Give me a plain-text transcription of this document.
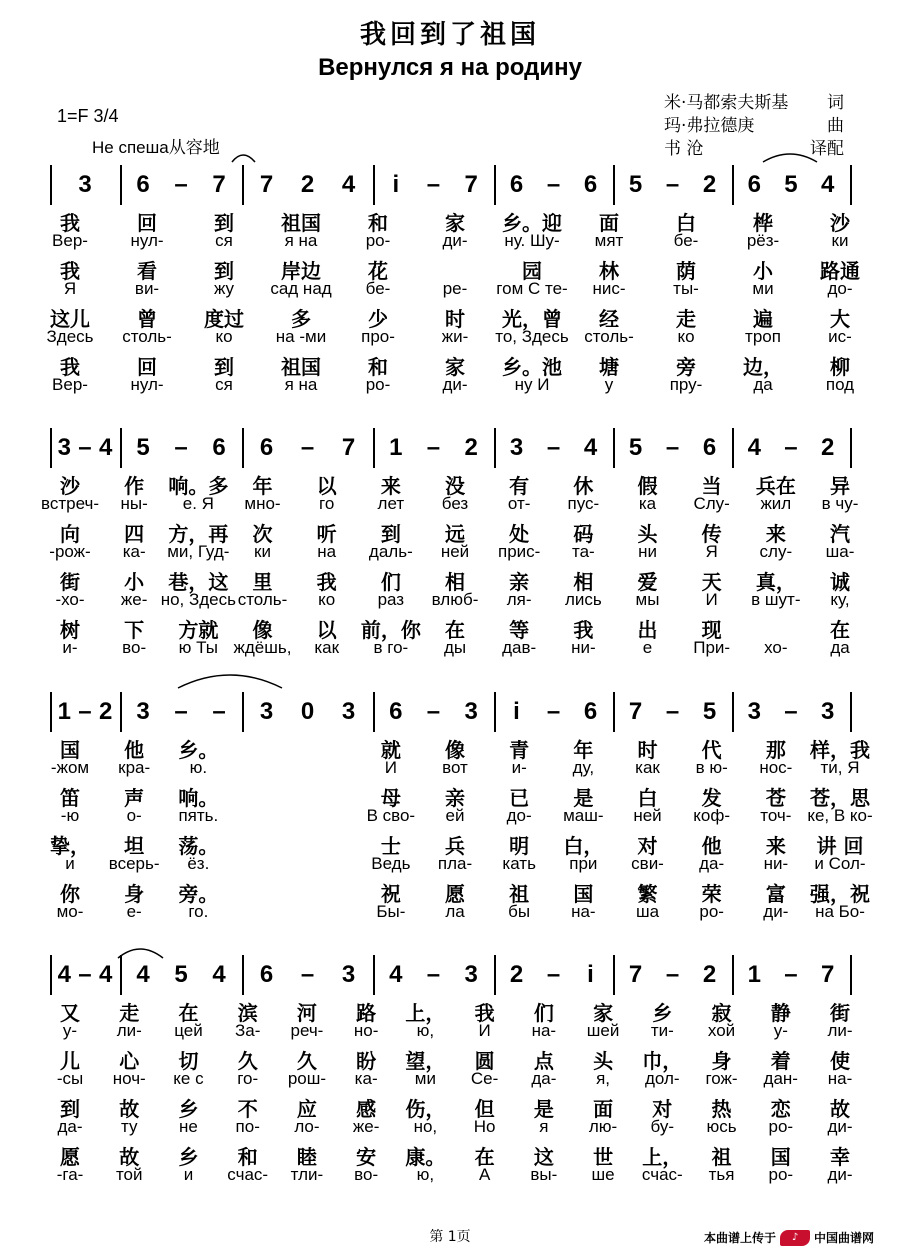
我回到了祖国
Вернулся я на родину
米·马都索夫斯基 词
玛·弗拉德庚	曲
书 沧	译配
1=F 3/4
Не спеша从容地
3 6 – 7 7 2 4 i – 7 6 – 6 5 – 2 6 5 4
我	回	到 祖国 和	家 乡。迎 面	白	桦	沙
Вер- нул-	ся	я на	ро-	ди- ну. Шу- мят	бе-	рёз-	ки
我	看	到 岸边 花	园	林	荫	小 路通
Я	ви-	жу сад над бе-	ре- гом С те- нис-	ты-	ми	до-
这儿 曾 度过 多	少	时 光，曾 经	走	遍	大
Здесь столь-	ко	на -ми про-	жи- то, Здесь столь-	ко	троп	ис-
我	回	到 祖国 和	家 乡。池 塘	旁 边， 柳
Вер- нул-	ся	я на	ро-	ди-	ну И	у	пру-	да	под
3 – 4 5 – 6 6 – 7 1 – 2 3 – 4 5 – 6 4 – 2
沙 作 响。多 年 以 来 没 有 休 假 当 兵在 异
встреч- ны- е. Я мно- го	лет без от- пус- ка Слу- жил в чу-
向 四 方，再 次 听 到 远 处 码 头 传 来 汽
-рож- ка- ми, Гуд- ки	на даль- ней прис- та-	ни	Я слу- ша-
街 小 巷，这 里 我 们 相 亲 相 爱 天 真， 诚
-хо- же- но, Здесь столь- ко раз влюб- ля- лись мы	И в шут- ку,
树 下 方就 像 以 前，你 在 等 我 出 现	在
и-	во- ю Ты ждёшь, как в го- ды дав- ни-	е При- хо-	да
1 – 2 3 – – 3 0 3 6 – 3 i – 6 7 – 5 3 – 3
国 他 乡。	就 像 青 年 时 代 那 样，我
-жом кра- ю.	И	вот	и-	ду, как в ю- нос- ти, Я
笛 声 响。	母 亲 已 是 白 发 苍 苍，思
-ю	о- пять.	В сво- ей до- маш- ней коф- точ- ке, В ко-
挚， 坦 荡。	士 兵 明 白， 对 他 来 讲 回
и всерь- ёз.	Ведь пла- кать при сви- да- ни- и Сол-
你 身 旁。	祝 愿 祖 国 繁 荣 富 强，祝
мо-	е-	го.	Бы- ла	бы на- ша ро- ди- на Бо-
4 – 4 4 5 4 6 – 3 4 – 3 2 – i 7 – 2 1 – 7
又 走 在 滨 河 路 上， 我 们 家 乡 寂 静 街
у- ли- цей За- реч- но- ю,	И на- шей ти- хой у- ли-
儿 心 切 久 久 盼 望， 圆 点 头 巾， 身 着 使
-сы ноч- ке с го- рош- ка- ми Се- да- я, дол- гож- дан- на-
到 故 乡 不 应 感 伤， 但 是 面 对 热 恋 故
да- ту не по- ло- же- но, Но	я лю- бу- юсь ро- ди-
愿 故 乡 和 睦 安 康。 在 这 世 上， 祖 国 幸
-га- той и счас- тли- во- ю,	А вы- ше счас- тья ро- ди-
第 1页	本曲谱上传于	♪	中国曲谱网
